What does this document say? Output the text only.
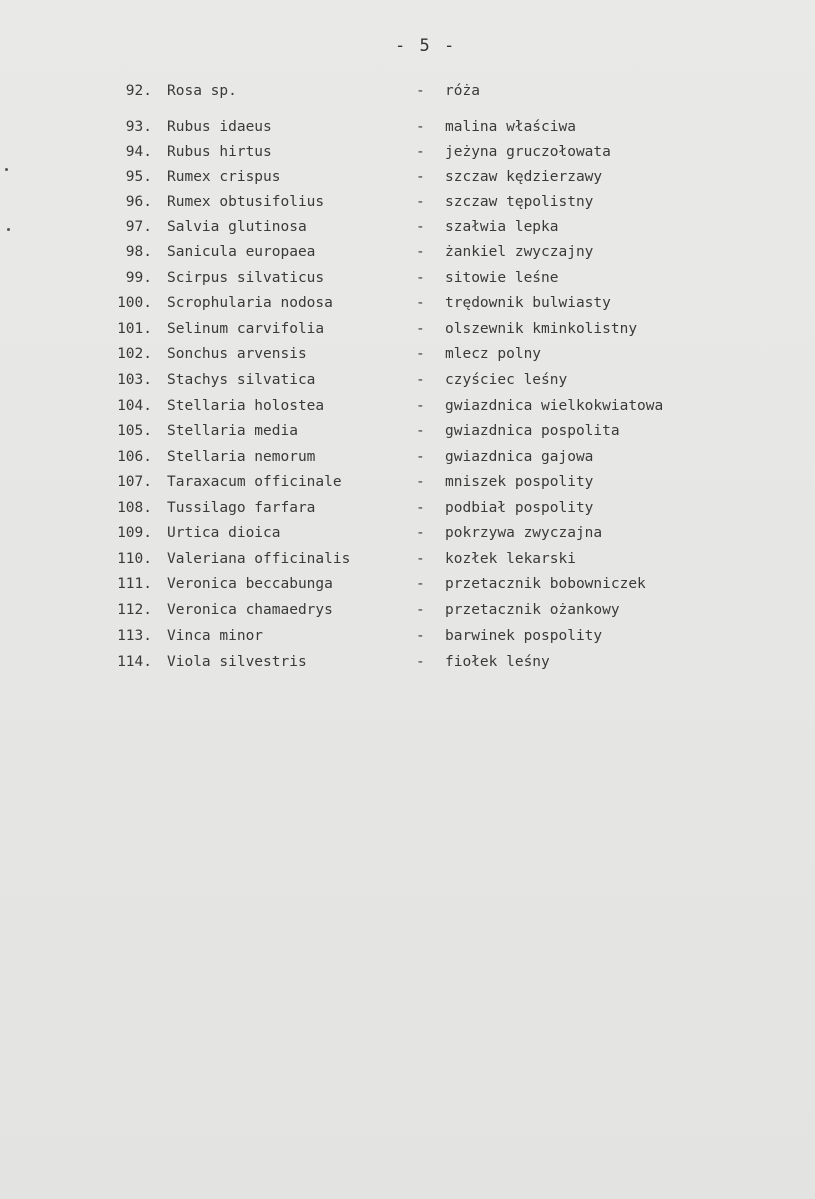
- 5 -
92. Rosa sp.	- róża
93. Rubus idaeus	- malina właściwa
94. Rubus hirtus	- jeżyna gruczołowata
95. Rumex crispus	- szczaw kędzierzawy
96. Rumex obtusifolius	- szczaw tępolistny
97. Salvia glutinosa	- szałwia lepka
98. Sanicula europaea	- żankiel zwyczajny
99. Scirpus silvaticus	- sitowie leśne
100. Scrophularia nodosa	- trędownik bulwiasty
101. Selinum carvifolia	- olszewnik kminkolistny
102. Sonchus arvensis	- mlecz polny
103. Stachys silvatica	- czyściec leśny
104. Stellaria holostea	- gwiazdnica wielkokwiatowa
105. Stellaria media	- gwiazdnica pospolita
106. Stellaria nemorum	- gwiazdnica gajowa
107. Taraxacum officinale	- mniszek pospolity
108. Tussilago farfara	- podbiał pospolity
109. Urtica dioica	- pokrzywa zwyczajna
110. Valeriana officinalis	- kozłek lekarski
111. Veronica beccabunga	- przetacznik bobowniczek
112. Veronica chamaedrys	- przetacznik ożankowy
113. Vinca minor	- barwinek pospolity
114. Viola silvestris	- fiołek leśny
